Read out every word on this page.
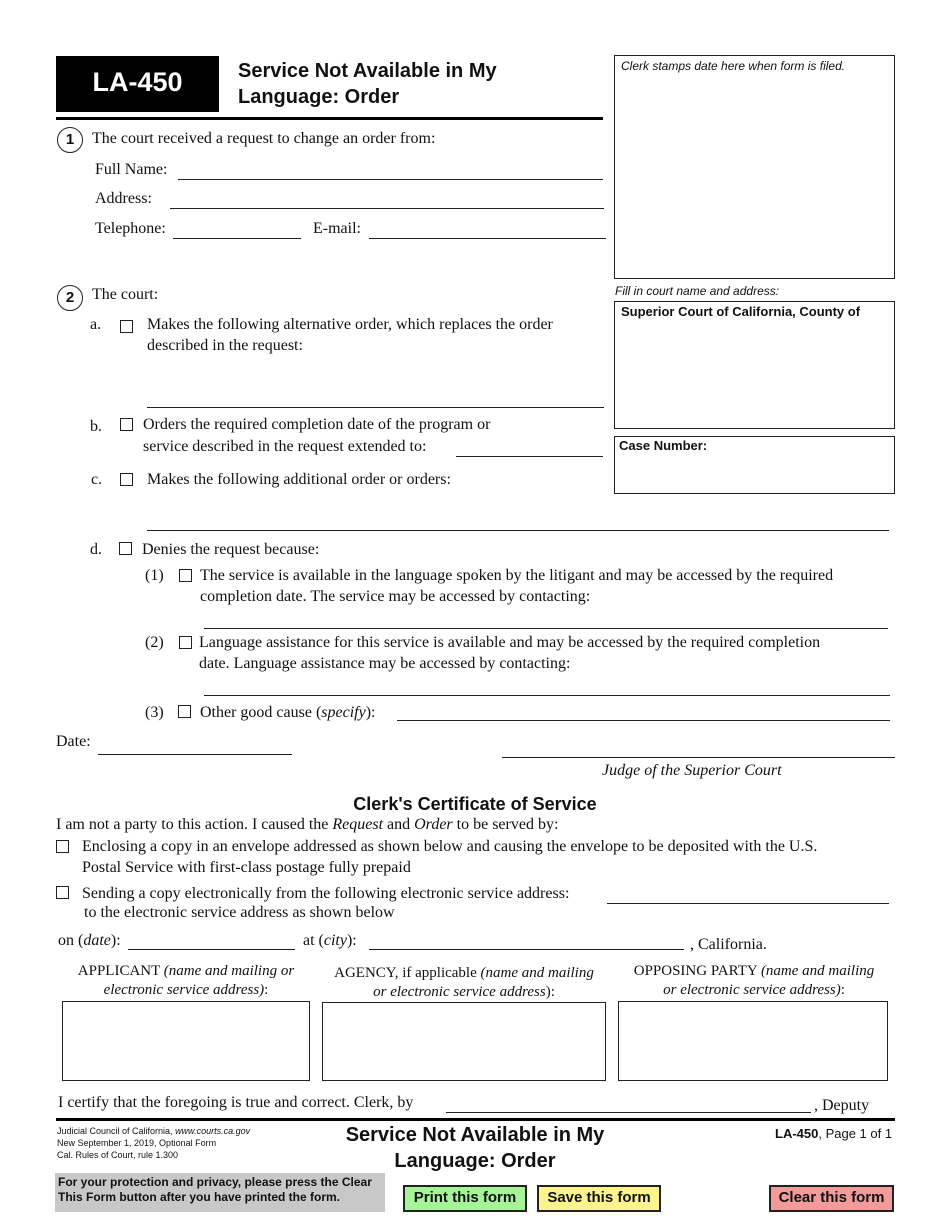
LA-450	Service Not Available in My
Language: Order
Clerk stamps date here when form is filed.
Fill in court name and address:
Superior Court of California, County of
Case Number:
1	The court received a request to change an order from:
Full Name:
Address:
Telephone:	E-mail:
2	The court:
a.	Makes the following alternative order, which replaces the order
described in the request:
b.	Orders the required completion date of the program or
service described in the request extended to:
c.	Makes the following additional order or orders:
d.	Denies the request because:
(1) The service is available in the language spoken by the litigant and may be accessed by the required
completion date. The service may be accessed by contacting:
(2) Language assistance for this service is available and may be accessed by the required completion
date. Language assistance may be accessed by contacting:
(3) Other good cause (specify):
Date:
Judge of the Superior Court
Clerk's Certificate of Service
I am not a party to this action. I caused the Request and Order to be served by:
Enclosing a copy in an envelope addressed as shown below and causing the envelope to be deposited with the U.S.
Postal Service with first-class postage fully prepaid
Sending a copy electronically from the following electronic service address:
to the electronic service address as shown below
on (date):	at (city):	, California.
APPLICANT (name and mailing or
electronic service address):
AGENCY, if applicable (name and mailing
or electronic service address):
OPPOSING PARTY (name and mailing
or electronic service address):
I certify that the foregoing is true and correct. Clerk, by	, Deputy
Judicial Council of California, www.courts.ca.gov
New September 1, 2019, Optional Form
Cal. Rules of Court, rule 1.300
Service Not Available in My
Language: Order
LA-450, Page 1 of 1
For your protection and privacy, please press the Clear This Form button after you have printed the form.	Print this form	Save this form	Clear this form
